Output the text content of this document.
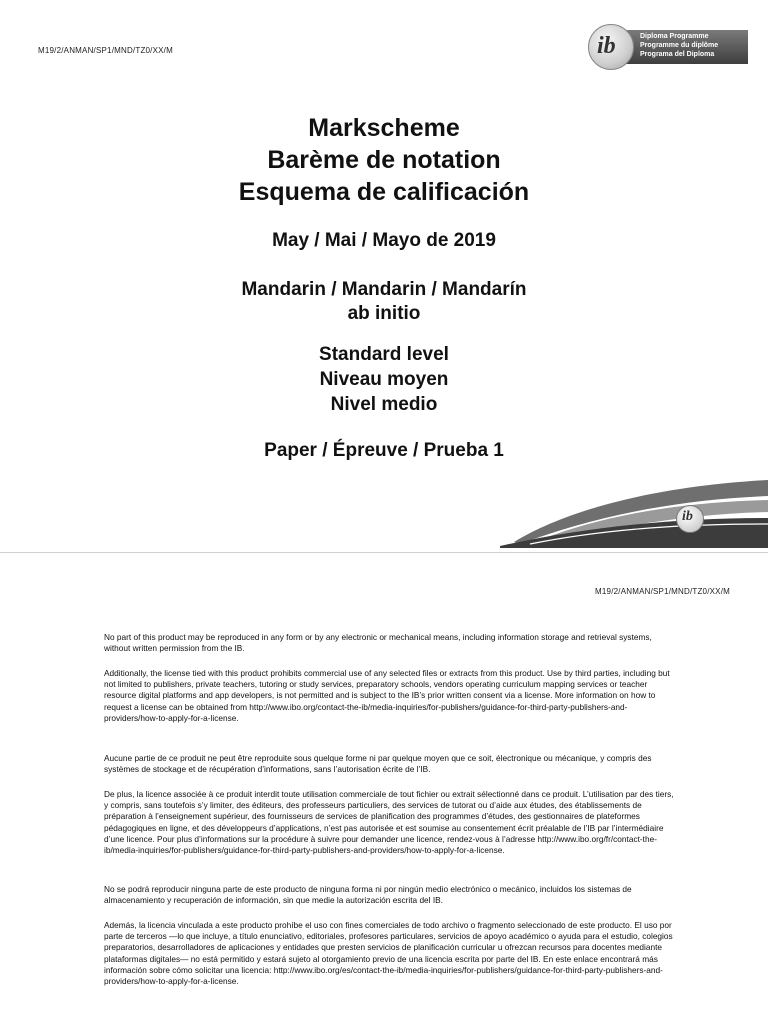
M19/2/ANMAN/SP1/MND/TZ0/XX/M	ib	Diploma Programme
Programme du diplôme
Programa del Diploma
Markscheme
Barème de notation
Esquema de calificación
May / Mai / Mayo de 2019
Mandarin / Mandarin / Mandarín
ab initio
Standard level
Niveau moyen
Nivel medio
Paper / Épreuve / Prueba 1
ib
M19/2/ANMAN/SP1/MND/TZ0/XX/M

No part of this product may be reproduced in any form or by any electronic or mechanical means, including information storage and retrieval systems, without written permission from the IB.

Additionally, the license tied with this product prohibits commercial use of any selected files or extracts from this product. Use by third parties, including but not limited to publishers, private teachers, tutoring or study services, preparatory schools, vendors operating curriculum mapping services or teacher resource digital platforms and app developers, is not permitted and is subject to the IB’s prior written consent via a license. More information on how to request a license can be obtained from http://www.ibo.org/contact-the-ib/media-inquiries/for-publishers/guidance-for-third-party-publishers-and-providers/how-to-apply-for-a-license.

Aucune partie de ce produit ne peut être reproduite sous quelque forme ni par quelque moyen que ce soit, électronique ou mécanique, y compris des systèmes de stockage et de récupération d’informations, sans l’autorisation écrite de l’IB.

De plus, la licence associée à ce produit interdit toute utilisation commerciale de tout fichier ou extrait sélectionné dans ce produit. L’utilisation par des tiers, y compris, sans toutefois s’y limiter, des éditeurs, des professeurs particuliers, des services de tutorat ou d’aide aux études, des établissements de préparation à l’enseignement supérieur, des fournisseurs de services de planification des programmes d’études, des gestionnaires de plateformes pédagogiques en ligne, et des développeurs d’applications, n’est pas autorisée et est soumise au consentement écrit préalable de l’IB par l’intermédiaire d’une licence. Pour plus d’informations sur la procédure à suivre pour demander une licence, rendez-vous à l’adresse http://www.ibo.org/fr/contact-the-ib/media-inquiries/for-publishers/guidance-for-third-party-publishers-and-providers/how-to-apply-for-a-license.

No se podrá reproducir ninguna parte de este producto de ninguna forma ni por ningún medio electrónico o mecánico, incluidos los sistemas de almacenamiento y recuperación de información, sin que medie la autorización escrita del IB.

Además, la licencia vinculada a este producto prohíbe el uso con fines comerciales de todo archivo o fragmento seleccionado de este producto. El uso por parte de terceros —lo que incluye, a título enunciativo, editoriales, profesores particulares, servicios de apoyo académico o ayuda para el estudio, colegios preparatorios, desarrolladores de aplicaciones y entidades que presten servicios de planificación curricular u ofrezcan recursos para docentes mediante plataformas digitales— no está permitido y estará sujeto al otorgamiento previo de una licencia escrita por parte del IB. En este enlace encontrará más información sobre cómo solicitar una licencia: http://www.ibo.org/es/contact-the-ib/media-inquiries/for-publishers/guidance-for-third-party-publishers-and-providers/how-to-apply-for-a-license.
